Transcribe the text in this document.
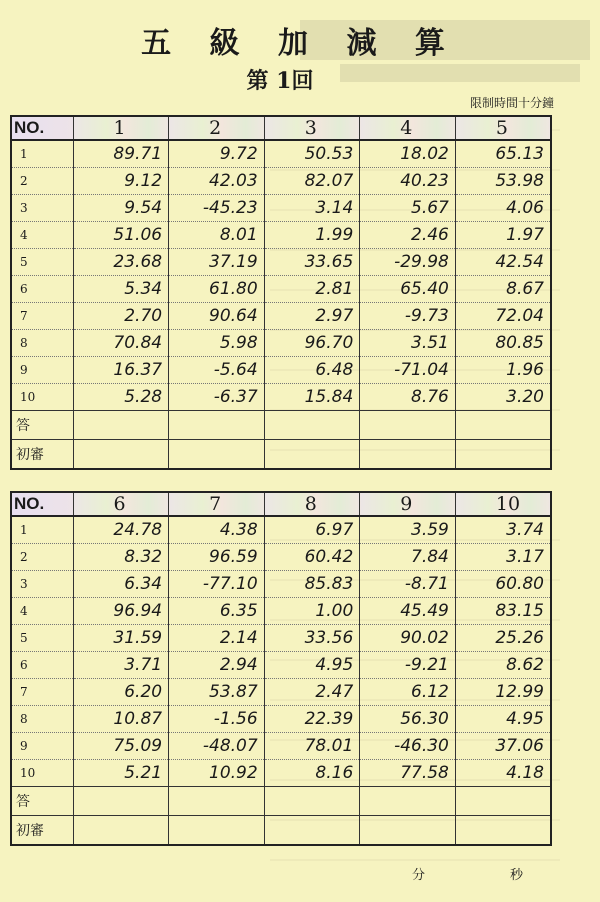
五 級 加 減 算
第 1回
限制時間十分鐘
NO.	1	2	3	4	5
1	89.71	9.72	50.53	18.02	65.13
2	9.12	42.03	82.07	40.23	53.98
3	9.54	-45.23	3.14	5.67	4.06
4	51.06	8.01	1.99	2.46	1.97
5	23.68	37.19	33.65	-29.98	42.54
6	5.34	61.80	2.81	65.40	8.67
7	2.70	90.64	2.97	-9.73	72.04
8	70.84	5.98	96.70	3.51	80.85
9	16.37	-5.64	6.48	-71.04	1.96
10	5.28	-6.37	15.84	8.76	3.20
答					
初審					
NO.	6	7	8	9	10
1	24.78	4.38	6.97	3.59	3.74
2	8.32	96.59	60.42	7.84	3.17
3	6.34	-77.10	85.83	-8.71	60.80
4	96.94	6.35	1.00	45.49	83.15
5	31.59	2.14	33.56	90.02	25.26
6	3.71	2.94	4.95	-9.21	8.62
7	6.20	53.87	2.47	6.12	12.99
8	10.87	-1.56	22.39	56.30	4.95
9	75.09	-48.07	78.01	-46.30	37.06
10	5.21	10.92	8.16	77.58	4.18
答					
初審					
分	秒
